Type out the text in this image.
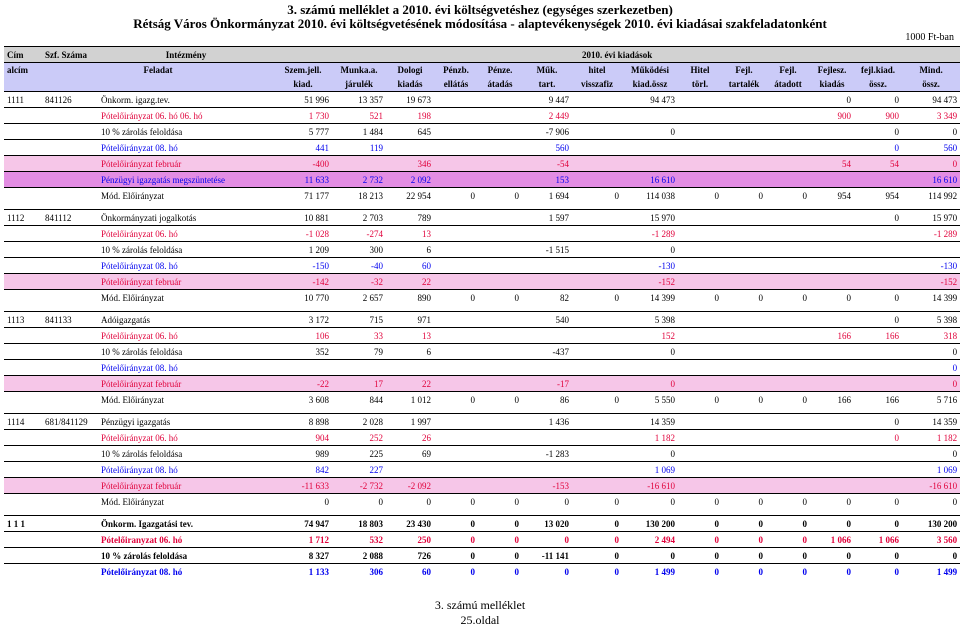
3. számú melléklet a 2010. évi költségvetéshez (egységes szerkezetben)
Rétság Város Önkormányzat 2010. évi költségvetésének módosítása - alaptevékenységek 2010. évi kiadásai szakfeladatonként
1000 Ft-ban
Cím	Szf. Száma	Intézmény	2010. évi kiadások													
alcím	Feladat		Szem.jell.	Munka.a.	Dologi	Pénzb.	Pénze.	Műk.	hitel	Működési	Hitel	Fejl.	Fejl.	Fejlesz.	fejl.kiad.	Mind.
			kiad.	járulék	kiadás	ellátás	átadás	tart.	visszafiz	kiad.össz	törl.	tartalék	átadott	kiadás	össz.	össz.
1111	841126	Önkorm. igazg.tev.	51 996	13 357	19 673			9 447		94 473				0	0	94 473
		Pótelőirányzat 06. hó 06. hó	1 730	521	198			2 449						900	900	3 349
		10 % zárolás feloldása	5 777	1 484	645			-7 906		0					0	0
		Pótelőirányzat 08. hó	441	119				560							0	560
		Pótelőirányzat február	-400		346			-54						54	54	0
		Pénzügyi igazgatás megszüntetése	11 633	2 732	2 092			153		16 610						16 610
		Mód. Előirányzat	71 177	18 213	22 954	0	0	1 694	0	114 038	0	0	0	954	954	114 992

1112	841112	Önkormányzati jogalkotás	10 881	2 703	789			1 597		15 970					0	15 970
		Pótelőirányzat 06. hó	-1 028	-274	13					-1 289						-1 289
		10 % zárolás feloldása	1 209	300	6			-1 515		0						
		Pótelőirányzat 08. hó	-150	-40	60					-130						-130
		Pótelőirányzat február	-142	-32	22					-152						-152
		Mód. Előirányzat	10 770	2 657	890	0	0	82	0	14 399	0	0	0	0	0	14 399

1113	841133	Adóigazgatás	3 172	715	971			540		5 398					0	5 398
		Pótelőirányzat 06. hó	106	33	13					152				166	166	318
		10 % zárolás feloldása	352	79	6			-437		0						0
		Pótelőirányzat 08. hó														0
		Pótelőirányzat február	-22	17	22			-17		0						0
		Mód. Előirányzat	3 608	844	1 012	0	0	86	0	5 550	0	0	0	166	166	5 716

1114	681/841129	Pénzügyi igazgatás	8 898	2 028	1 997			1 436		14 359					0	14 359
		Pótelőirányzat 06. hó	904	252	26					1 182					0	1 182
		10 % zárolás feloldása	989	225	69			-1 283		0						0
		Pótelőirányzat 08. hó	842	227						1 069						1 069
		Pótelőirányzat február	-11 633	-2 732	-2 092			-153		-16 610						-16 610
		Mód. Előirányzat	0	0	0	0	0	0	0	0	0	0	0	0	0	0

1 1 1		Önkorm. Igazgatási tev.	74 947	18 803	23 430	0	0	13 020	0	130 200	0	0	0	0	0	130 200
		Pótelőiranyzat 06. hó	1 712	532	250	0	0	0	0	2 494	0	0	0	1 066	1 066	3 560
		10 % zárolás feloldása	8 327	2 088	726	0	0	-11 141	0	0	0	0	0	0	0	0
		Pótelőirányzat 08. hó	1 133	306	60	0	0	0	0	1 499	0	0	0	0	0	1 499
3. számú melléklet
25.oldal
